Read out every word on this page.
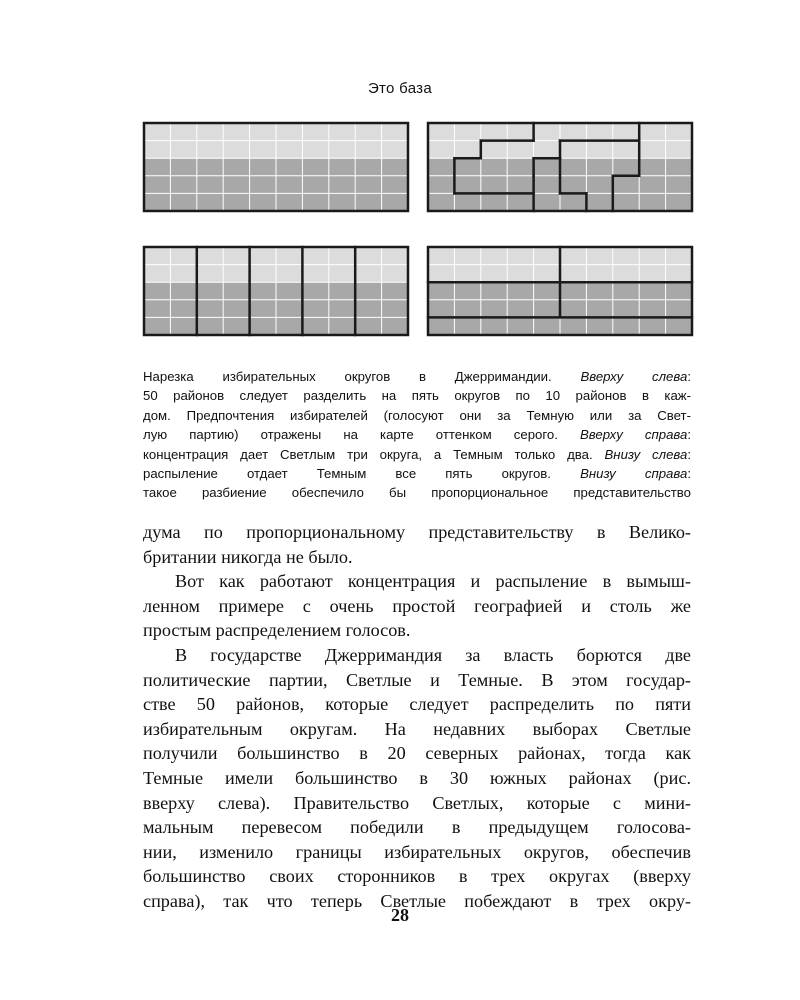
Это база

Нарезка избирательных округов в Джерримандии. Вверху слева:

50 районов следует разделить на пять округов по 10 районов в каж-

дом. Предпочтения избирателей (голосуют они за Темную или за Свет-

лую партию) отражены на карте оттенком серого. Вверху справа:

концентрация дает Светлым три округа, а Темным только два. Внизу слева:

распыление отдает Темным все пять округов. Внизу справа:

такое разбиение обеспечило бы пропорциональное представительство

дума по пропорциональному представительству в Велико-

британии никогда не было.

Вот как работают концентрация и распыление в вымыш-

ленном примере с очень простой географией и столь же

простым распределением голосов.

В государстве Джерримандия за власть борются две

политические партии, Светлые и Темные. В этом государ-

стве 50 районов, которые следует распределить по пяти

избирательным округам. На недавних выборах Светлые

получили большинство в 20 северных районах, тогда как

Темные имели большинство в 30 южных районах (рис.

вверху слева). Правительство Светлых, которые с мини-

мальным перевесом победили в предыдущем голосова-

нии, изменило границы избирательных округов, обеспечив

большинство своих сторонников в трех округах (вверху

справа), так что теперь Светлые побеждают в трех окру-

28
